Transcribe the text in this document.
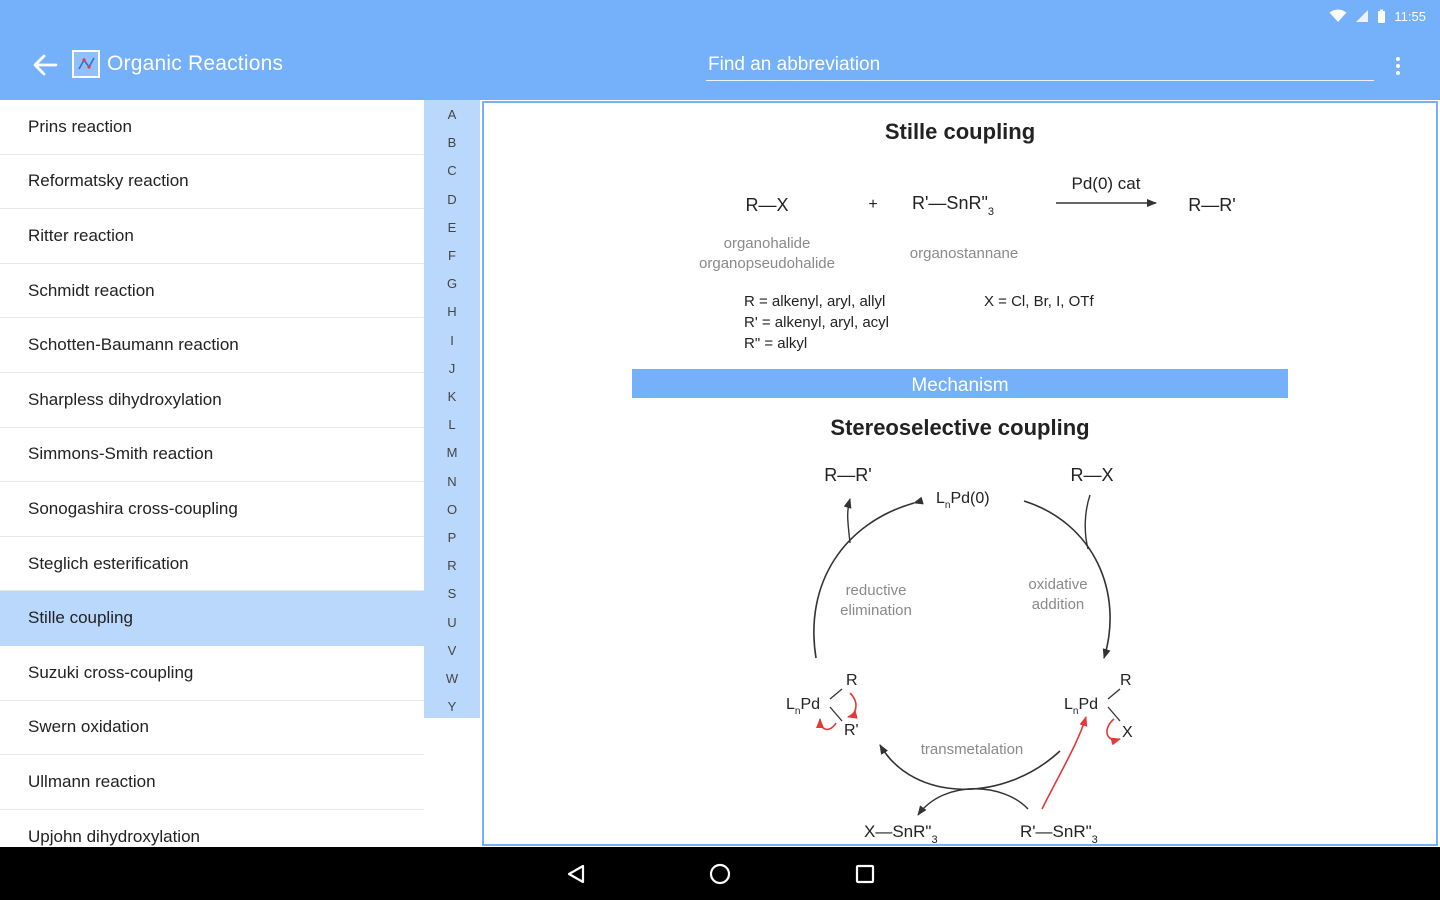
11:55
Organic Reactions
Find an abbreviation
Prins reaction
Reformatsky reaction
Ritter reaction
Schmidt reaction
Schotten-Baumann reaction
Sharpless dihydroxylation
Simmons-Smith reaction
Sonogashira cross-coupling
Steglich esterification
Stille coupling
Suzuki cross-coupling
Swern oxidation
Ullmann reaction
Upjohn dihydroxylation
A
B
C
D
E
F
G
H
I
J
K
L
M
N
O
P
R
S
U
V
W
Y
Stille coupling
R—X	+ $R'—SnR"_3$
Pd(0) cat
R—R'
organohalide
organopseudohalide
organostannane
R = alkenyl, aryl, allyl
R' = alkenyl, aryl, acyl
R" = alkyl
X = Cl, Br, I, OTf
Mechanism
Stereoselective coupling
R—R'	R—X
$L_nPd(0)$
reductive elimination
oxidative addition
transmetalation
$L_nPd$
R
R'
$L_nPd$
R
X
$X—SnR"_3$	$R'—SnR"_3$
